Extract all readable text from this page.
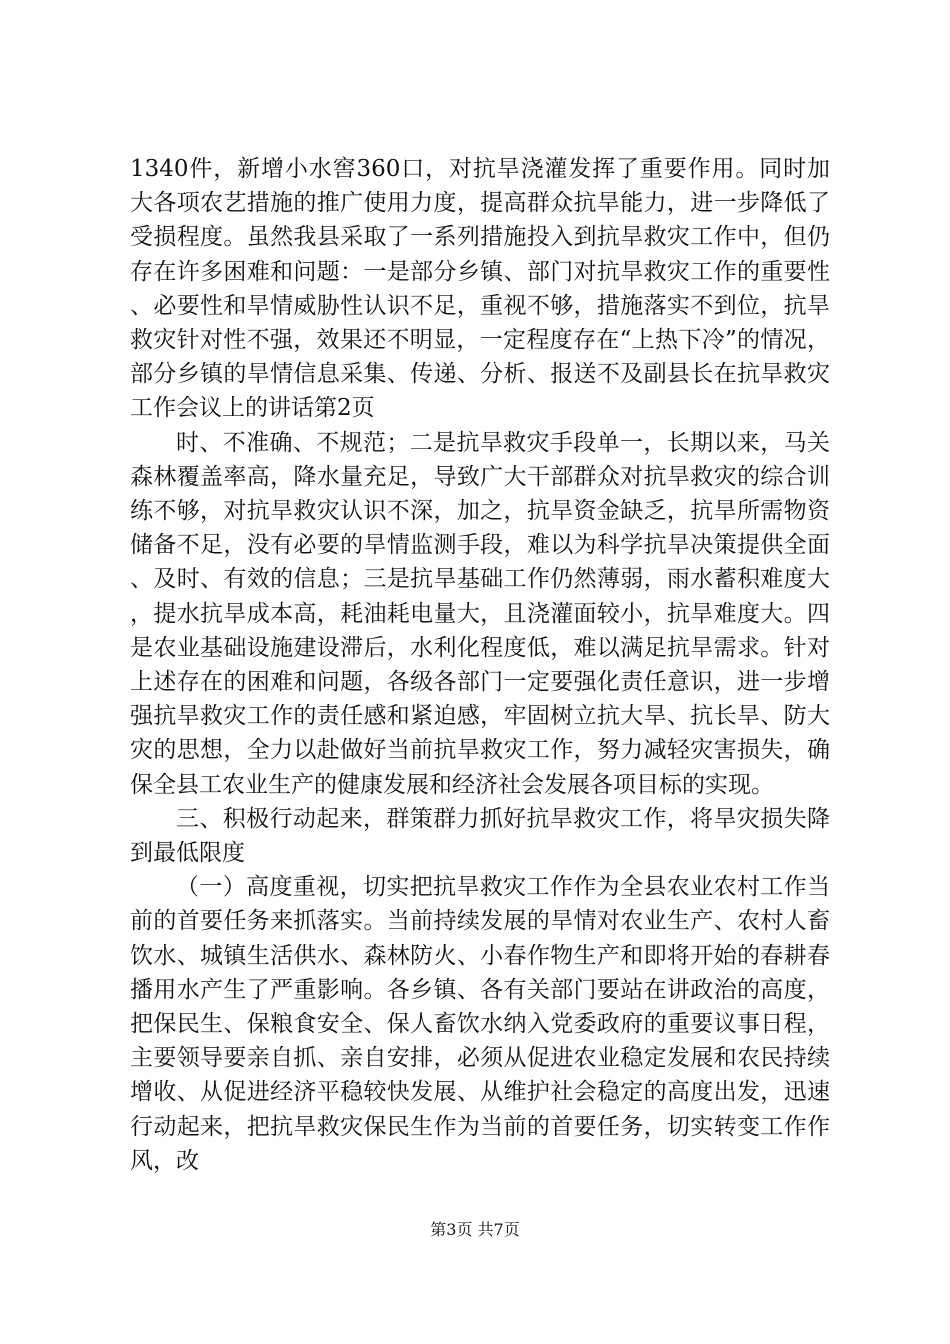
1340件，新增小水窖360口，对抗旱浇灌发挥了重要作用。同时加大各项农艺措施的推广使用力度，提高群众抗旱能力，进一步降低了受损程度。虽然我县采取了一系列措施投入到抗旱救灾工作中，但仍存在许多困难和问题：一是部分乡镇、部门对抗旱救灾工作的重要性、必要性和旱情威胁性认识不足，重视不够，措施落实不到位，抗旱救灾针对性不强，效果还不明显，一定程度存在“上热下冷”的情况，部分乡镇的旱情信息采集、传递、分析、报送不及副县长在抗旱救灾工作会议上的讲话第2页

时、不准确、不规范；二是抗旱救灾手段单一，长期以来，马关森林覆盖率高，降水量充足，导致广大干部群众对抗旱救灾的综合训练不够，对抗旱救灾认识不深，加之，抗旱资金缺乏，抗旱所需物资储备不足，没有必要的旱情监测手段，难以为科学抗旱决策提供全面、及时、有效的信息；三是抗旱基础工作仍然薄弱，雨水蓄积难度大，提水抗旱成本高，耗油耗电量大，且浇灌面较小，抗旱难度大。四是农业基础设施建设滞后，水利化程度低，难以满足抗旱需求。针对上述存在的困难和问题，各级各部门一定要强化责任意识，进一步增强抗旱救灾工作的责任感和紧迫感，牢固树立抗大旱、抗长旱、防大灾的思想，全力以赴做好当前抗旱救灾工作，努力减轻灾害损失，确保全县工农业生产的健康发展和经济社会发展各项目标的实现。

三、积极行动起来，群策群力抓好抗旱救灾工作，将旱灾损失降到最低限度

（一）高度重视，切实把抗旱救灾工作作为全县农业农村工作当前的首要任务来抓落实。当前持续发展的旱情对农业生产、农村人畜饮水、城镇生活供水、森林防火、小春作物生产和即将开始的春耕春播用水产生了严重影响。各乡镇、各有关部门要站在讲政治的高度，把保民生、保粮食安全、保人畜饮水纳入党委政府的重要议事日程，主要领导要亲自抓、亲自安排，必须从促进农业稳定发展和农民持续增收、从促进经济平稳较快发展、从维护社会稳定的高度出发，迅速行动起来，把抗旱救灾保民生作为当前的首要任务，切实转变工作作风，改

第3页 共7页
